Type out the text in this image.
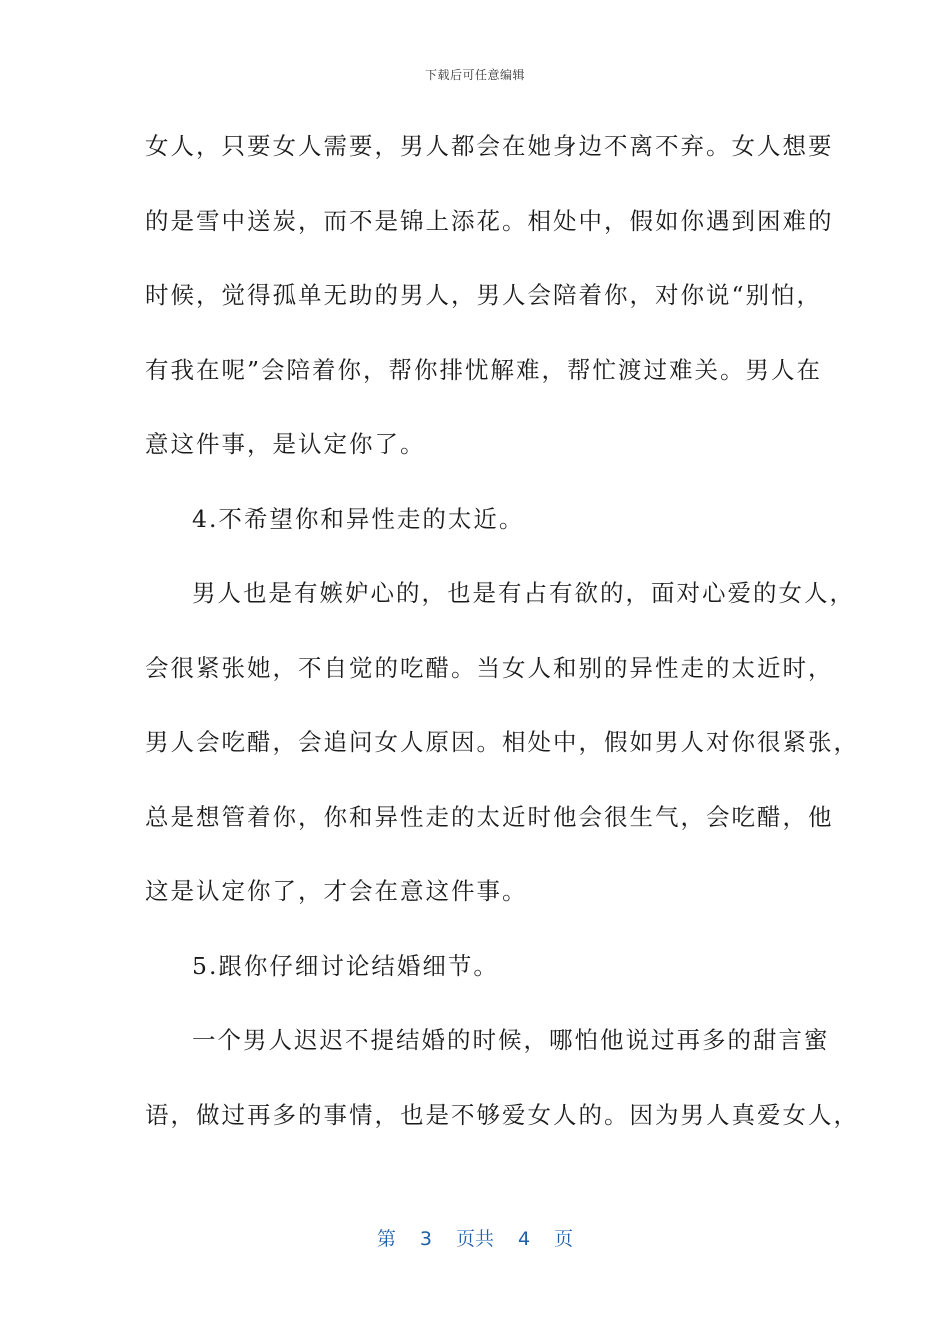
下载后可任意编辑
女人，只要女人需要，男人都会在她身边不离不弃。女人想要
的是雪中送炭，而不是锦上添花。相处中，假如你遇到困难的
时候，觉得孤单无助的男人，男人会陪着你，对你说“别怕，
有我在呢”会陪着你，帮你排忧解难，帮忙渡过难关。男人在
意这件事，是认定你了。
4.不希望你和异性走的太近。
男人也是有嫉妒心的，也是有占有欲的，面对心爱的女人，
会很紧张她，不自觉的吃醋。当女人和别的异性走的太近时，
男人会吃醋，会追问女人原因。相处中，假如男人对你很紧张，
总是想管着你，你和异性走的太近时他会很生气，会吃醋，他
这是认定你了，才会在意这件事。
5.跟你仔细讨论结婚细节。
一个男人迟迟不提结婚的时候，哪怕他说过再多的甜言蜜
语，做过再多的事情，也是不够爱女人的。因为男人真爱女人，
第 3 页共 4 页
